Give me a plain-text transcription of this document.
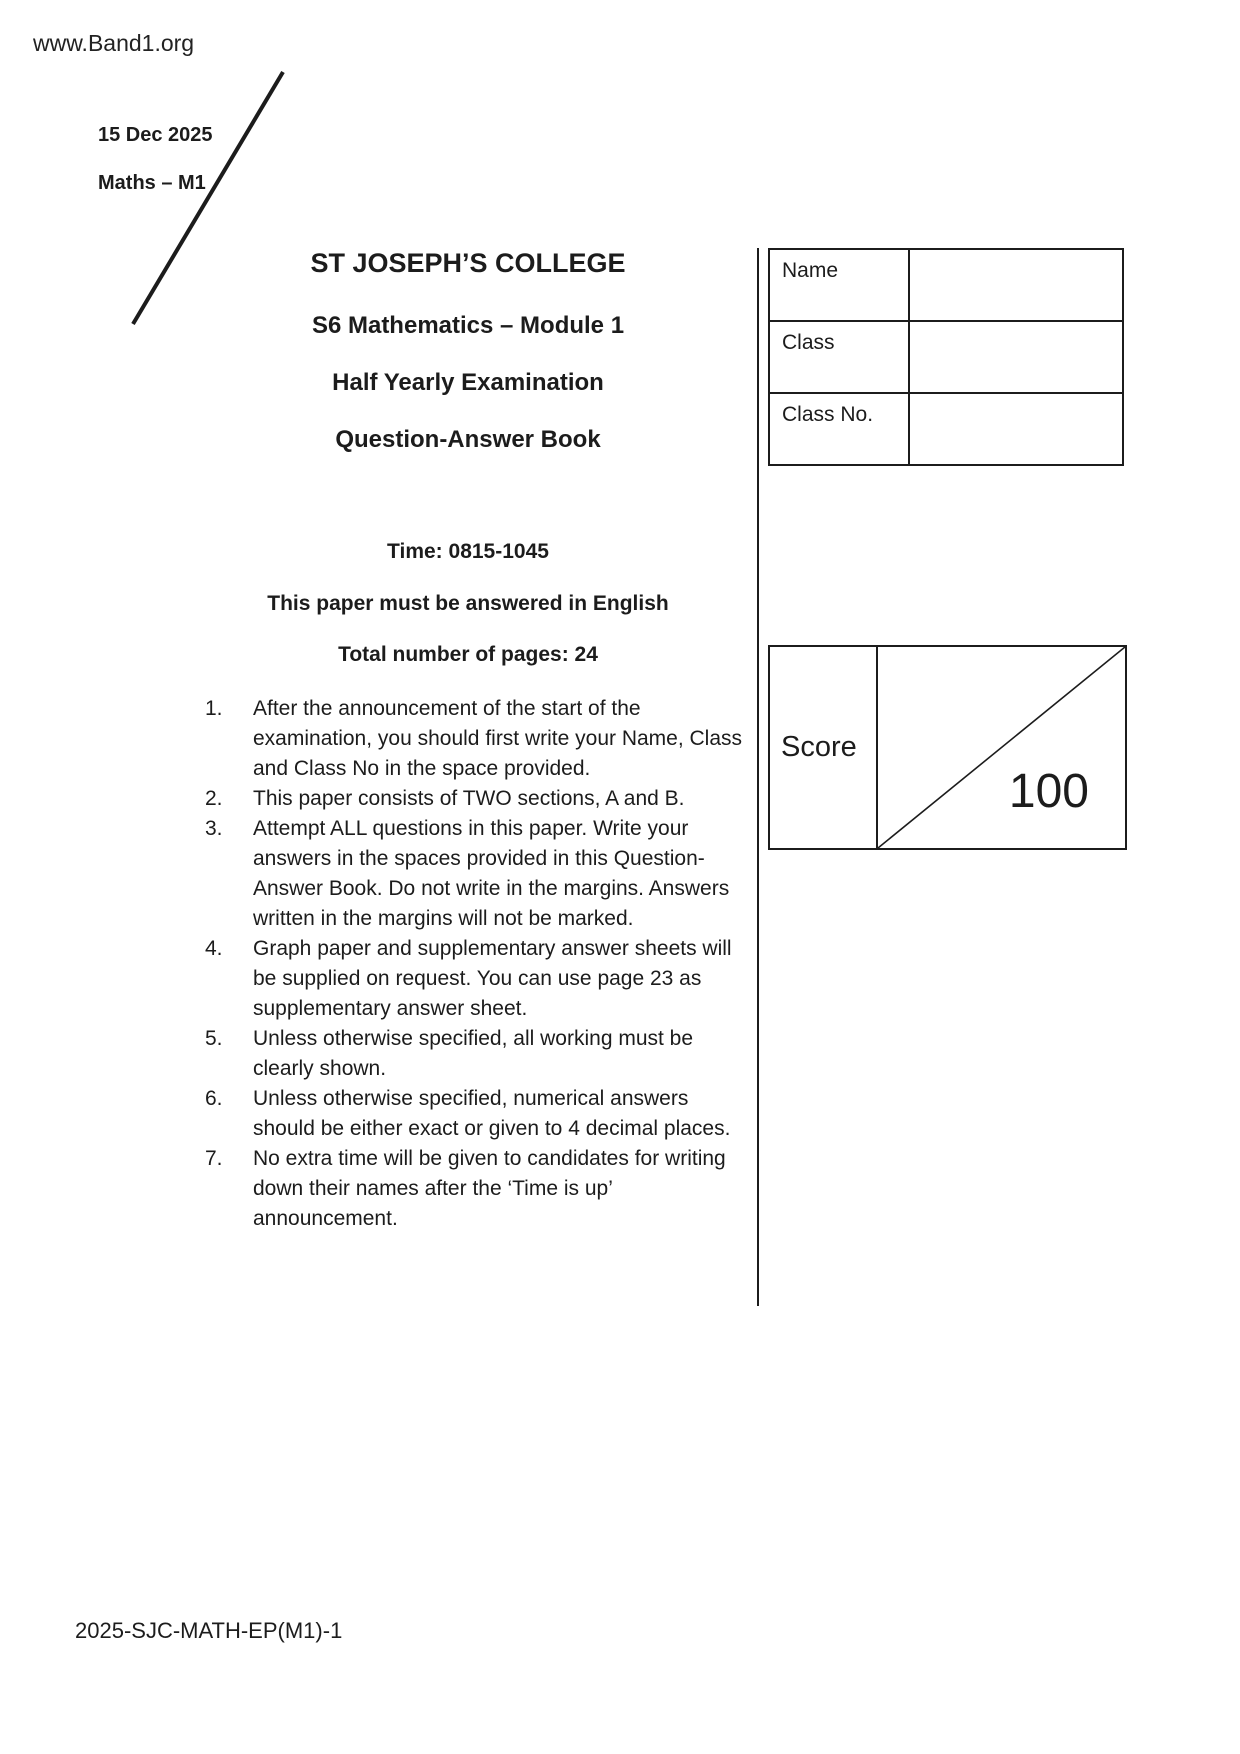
www.Band1.org
15 Dec 2025
Maths – M1
ST JOSEPH’S COLLEGE
S6 Mathematics – Module 1
Half Yearly Examination
Question-Answer Book
Time: 0815-1045
This paper must be answered in English
Total number of pages: 24
1.	After the announcement of the start of the examination, you should first write your Name, Class and Class No in the space provided.
2.	This paper consists of TWO sections, A and B.
3.	Attempt ALL questions in this paper. Write your answers in the spaces provided in this Question-Answer Book. Do not write in the margins. Answers written in the margins will not be marked.
4.	Graph paper and supplementary answer sheets will be supplied on request. You can use page 23 as supplementary answer sheet.
5.	Unless otherwise specified, all working must be clearly shown.
6.	Unless otherwise specified, numerical answers should be either exact or given to 4 decimal places.
7.	No extra time will be given to candidates for writing down their names after the ‘Time is up’ announcement.
Name	
Class	
Class No.	
Score
100
2025-SJC-MATH-EP(M1)-1
